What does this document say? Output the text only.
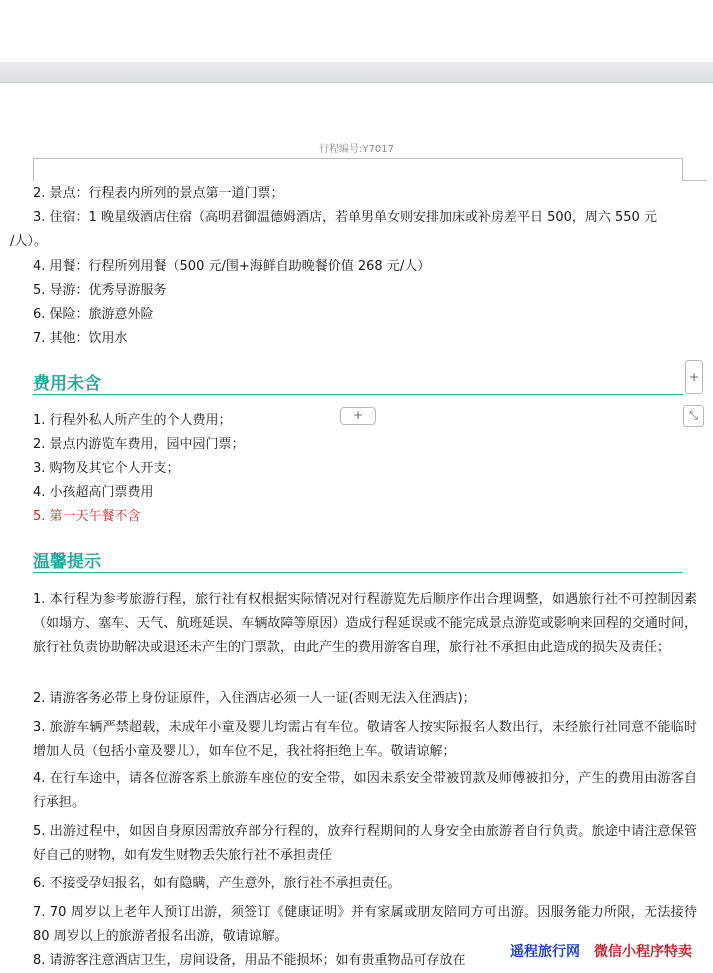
行程编号:Y7017
2. 景点：行程表内所列的景点第一道门票；
3. 住宿：1 晚星级酒店住宿（高明君御温德姆酒店，若单男单女则安排加床或补房差平日 500，周六 550 元
/人）。
4. 用餐：行程所列用餐（500 元/围+海鲜自助晚餐价值 268 元/人）
5. 导游：优秀导游服务
6. 保险：旅游意外险
7. 其他：饮用水
费用未含
1. 行程外私人所产生的个人费用；
2. 景点内游览车费用，园中园门票；
3. 购物及其它个人开支；
4. 小孩超高门票费用
5. 第一天午餐不含
温馨提示
1. 本行程为参考旅游行程，旅行社有权根据实际情况对行程游览先后顺序作出合理调整，如遇旅行社不可控制因素（如塌方、塞车、天气、航班延误、车辆故障等原因）造成行程延误或不能完成景点游览或影响来回程的交通时间，旅行社负责协助解决或退还未产生的门票款，由此产生的费用游客自理，旅行社不承担由此造成的损失及责任；
2. 请游客务必带上身份证原件，入住酒店必须一人一证(否则无法入住酒店)；
3. 旅游车辆严禁超载，未成年小童及婴儿均需占有车位。敬请客人按实际报名人数出行，未经旅行社同意不能临时增加人员（包括小童及婴儿），如车位不足，我社将拒绝上车。敬请谅解；
4. 在行车途中，请各位游客系上旅游车座位的安全带，如因未系安全带被罚款及师傅被扣分，产生的费用由游客自行承担。
5. 出游过程中，如因自身原因需放弃部分行程的，放弃行程期间的人身安全由旅游者自行负责。旅途中请注意保管好自己的财物，如有发生财物丢失旅行社不承担责任
6. 不接受孕妇报名，如有隐瞒，产生意外，旅行社不承担责任。
7. 70 周岁以上老年人预订出游，须签订《健康证明》并有家属或朋友陪同方可出游。因服务能力所限，无法接待 80 周岁以上的旅游者报名出游，敬请谅解。
8. 请游客注意酒店卫生，房间设备，用品不能损坏；如有贵重物品可存放在
+
⤡
+
遥程旅行网 微信小程序特卖
